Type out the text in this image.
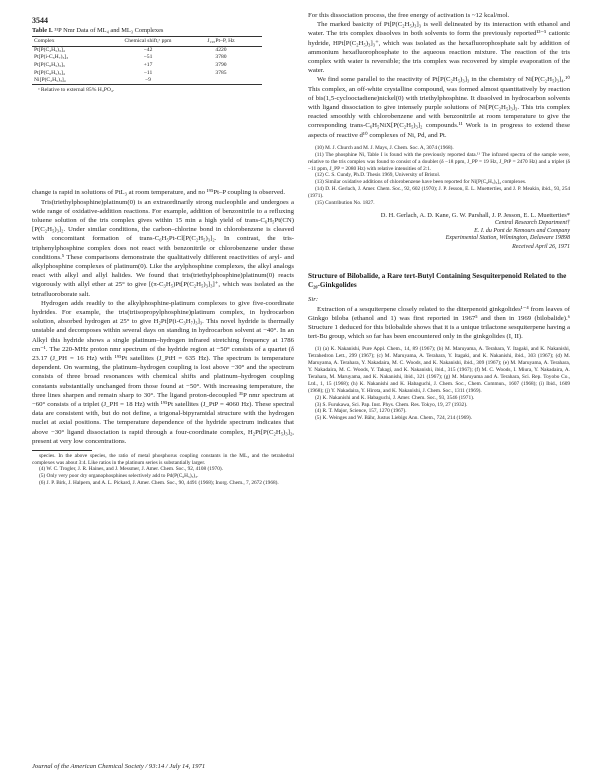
3544
Table I. ³¹P Nmr Data of ML₄ and ML₃ Complexes
Complex	Chemical shift,ᵃ ppm	J₁₉₅Pt–P, Hz
Pt[P(C₂H₅)₃]₄	−42	4220
Pt[P(i-C₃H₇)₃]₃	−51	3780
Pt[P(C₆H₅)₃]₃	+17	3790
Pt[P(C₆H₅)₃]₄	−11	3785
Ni[P(C₂H₅)₃]₄	−9	
ᵃ Relative to external 85% H₃PO₄.

change is rapid in solutions of PtL₃ at room temperature, and no ¹⁹⁵Pt–P coupling is observed.

Tris(triethylphosphine)platinum(0) is an extraordinarily strong nucleophile and undergoes a wide range of oxidative-addition reactions. For example, addition of benzonitrile to a refluxing toluene solution of the tris complex gives within 15 min a high yield of trans-C₆H₅Pt(CN)[P(C₂H₅)₃]₂. Under similar conditions, the carbon–chlorine bond in chlorobenzene is cleaved with concomitant formation of trans-C₆H₅Pt-Cl[P(C₂H₅)₃]₂. In contrast, the tris-triphenylphosphine complex does not react with benzonitrile or chlorobenzene under these conditions.⁵ These comparisons demonstrate the qualitatively different reactivities of aryl- and alkylphosphine complexes of platinum(0). Like the arylphosphine complexes, the alkyl analogs react with alkyl and allyl halides. We found that tris(triethylphosphine)platinum(0) reacts vigorously with allyl ether at 25° to give [(π-C₃H₅)Pt[P(C₂H₅)₃]₃]⁺, which was isolated as the tetrafluoroborate salt.

Hydrogen adds readily to the alkylphosphine-platinum complexes to give five-coordinate hydrides. For example, the tris(triisopropylphosphine)platinum complex, in hydrocarbon solution, absorbed hydrogen at 25° to give H₂Pt[P(i-C₃H₇)₃]₃. This novel hydride is thermally unstable and decomposes within several days on standing in hydrocarbon solvent at −40°. In an Alkyl this hydride shows a single platinum–hydrogen infrared stretching frequency at 1786 cm⁻¹. The 220-MHz proton nmr spectrum of the hydride region at −50° consists of a quartet (δ 23.17 (J_PH = 16 Hz) with ¹⁹⁵Pt satellites (J_PtH = 635 Hz). The spectrum is temperature dependent. On warming, the platinum–hydrogen coupling is lost above −30° and the spectrum consists of three broad resonances with chemical shifts and platinum–hydrogen coupling constants substantially unchanged from those found at −50°. With increasing temperature, the three lines sharpen and remain sharp to 30°. The ligand proton-decoupled ³¹P nmr spectrum at −60° consists of a triplet (J_PH = 18 Hz) with ¹⁹⁵Pt satellites (J_PtP = 4060 Hz). These spectral data are consistent with, but do not define, a trigonal-bipyramidal structure with the hydrogen nuclei at axial positions. The temperature dependence of the hydride spectrum indicates that above −30° ligand dissociation is rapid through a four-coordinate complex, H₂Pt[P(C₂H₅)₃]₂, present at very low concentrations.

species. In the above species, the ratio of metal phosphorus coupling constants in the ML₃ and the tetrahedral complexes was about 3:4. Like ratios in the platinum series is substantially larger.

(4) W. C. Trogler, J. R. Haines, and J. Messmer, J. Amer. Chem. Soc., 92, 4108 (1970).

(5) Only very poor dry organophosphines selectively add to Pd(P(C₆H₅)₃)₃.

(6) J. P. Birk, J. Halpern, and A. L. Pickard, J. Amer. Chem. Soc., 90, 4491 (1968); Inorg. Chem., 7, 2672 (1968).

For this dissociation process, the free energy of activation is ~12 kcal/mol.

The marked basicity of Pt[P(C₂H₅)₃]₃ is well delineated by its interaction with ethanol and water. The tris complex dissolves in both solvents to form the previously reported¹³⁻⁵ cationic hydride, HPt[P(C₂H₅)₃]₃⁺, which was isolated as the hexafluorophosphate salt by addition of ammonium hexafluorophosphate to the aqueous reaction mixture. The reaction of the tris complex with water is reversible; the tris complex was recovered by simple evaporation of the water.

We find some parallel to the reactivity of Pt[P(C₂H₅)₃]₃ in the chemistry of Ni[P(C₂H₅)₃]₄.¹⁰ This complex, an off-white crystalline compound, was formed almost quantitatively by reaction of bis(1,5-cyclooctadiene)nickel(0) with triethylphosphine. It dissolved in hydrocarbon solvents with ligand dissociation to give intensely purple solutions of Ni[P(C₂H₅)₃]₃. This tris complex reacted smoothly with chlorobenzene and with benzonitrile at room temperature to give the corresponding trans-C₆H₅NiX[P(C₂H₅)₃]₂ compounds.¹¹ Work is in progress to extend these aspects of reactive d¹⁰ complexes of Ni, Pd, and Pt.

(10) M. J. Church and M. J. Mays, J. Chem. Soc. A, 3074 (1968).

(11) The phosphine Ni, Table I is found with the previously reported data.¹¹ The infrared spectra of the sample were, relative to the tris complex was found to consist of a doublet (δ −18 ppm, J_PP = 19 Hz, J_PtP = 2470 Hz) and a triplet (δ −11 ppm, J_PP = 2080 Hz) with relative intensities of 2:1.

(12) C. S. Cundy, Ph.D. Thesis 1969, University of Bristol.

(13) Similar oxidative additions of chlorobenzene have been reported for Ni[P(C₆H₅)₃]₄ complexes.

(14) D. H. Gerlach, J. Amer. Chem. Soc., 92, 602 (1970); J. P. Jesson, E. L. Muetterties, and J. P. Meakin, ibid., 93, 254 (1971).

(15) Contribution No. 1827.

D. H. Gerlach, A. D. Kane, G. W. Parshall, J. P. Jesson, E. L. Muetterties*
Central Research Department†
E. I. du Pont de Nemours and Company
Experimental Station, Wilmington, Delaware 19898
Received April 26, 1971
Structure of Bilobalide, a Rare tert-Butyl Containing Sesquiterpenoid Related to the C₂₀-Ginkgolides
Sir:

Extraction of a sesquiterpene closely related to the diterpenoid ginkgolides¹⁻⁴ from leaves of Ginkgo biloba (ethanol and 1) was first reported in 1967⁵ and then in 1969 (bilobalide).⁶ Structure 1 deduced for this bilobalide shows that it is a unique trilactone sesquiterpene having a tert-Bu group, which so far has been encountered only in the ginkgolides (I, II).

(1) (a) K. Nakanishi, Pure Appl. Chem., 14, 89 (1967); (b) M. Maruyama, A. Terahara, Y. Itagaki, and K. Nakanishi, Tetrahedron Lett., 299 (1967); (c) M. Maruyama, A. Terahara, Y. Itagaki, and K. Nakanishi, ibid., 303 (1967); (d) M. Maruyama, A. Terahara, Y. Nakadaira, M. C. Woods, and K. Nakanishi, ibid., 309 (1967); (e) M. Maruyama, A. Terahara, Y. Nakadaira, M. C. Woods, Y. Takagi, and K. Nakanishi, ibid., 315 (1967); (f) M. C. Woods, I. Miura, Y. Nakadaira, A. Terahara, M. Maruyama, and K. Nakanishi, ibid., 321 (1967); (g) M. Maruyama and A. Terahara, Sci. Rep. Toyobo Co., Ltd., 1, 15 (1968); (h) K. Nakanishi and K. Habaguchi, J. Chem. Soc., Chem. Commun., 1607 (1968); (i) Ibid., 1609 (1968); (j) Y. Nakadaira, Y. Hirota, and K. Nakanishi, J. Chem. Soc., 1311 (1969).

(2) K. Nakanishi and K. Habaguchi, J. Amer. Chem. Soc., 93, 3546 (1971).

(3) S. Furukawa, Sci. Pap. Inst. Phys. Chem. Res. Tokyo, 19, 27 (1932).

(4) R. T. Major, Science, 157, 1270 (1967).

(5) K. Weinges and W. Bähr, Justus Liebigs Ann. Chem., 724, 214 (1969).

Journal of the American Chemical Society / 93:14 / July 14, 1971
